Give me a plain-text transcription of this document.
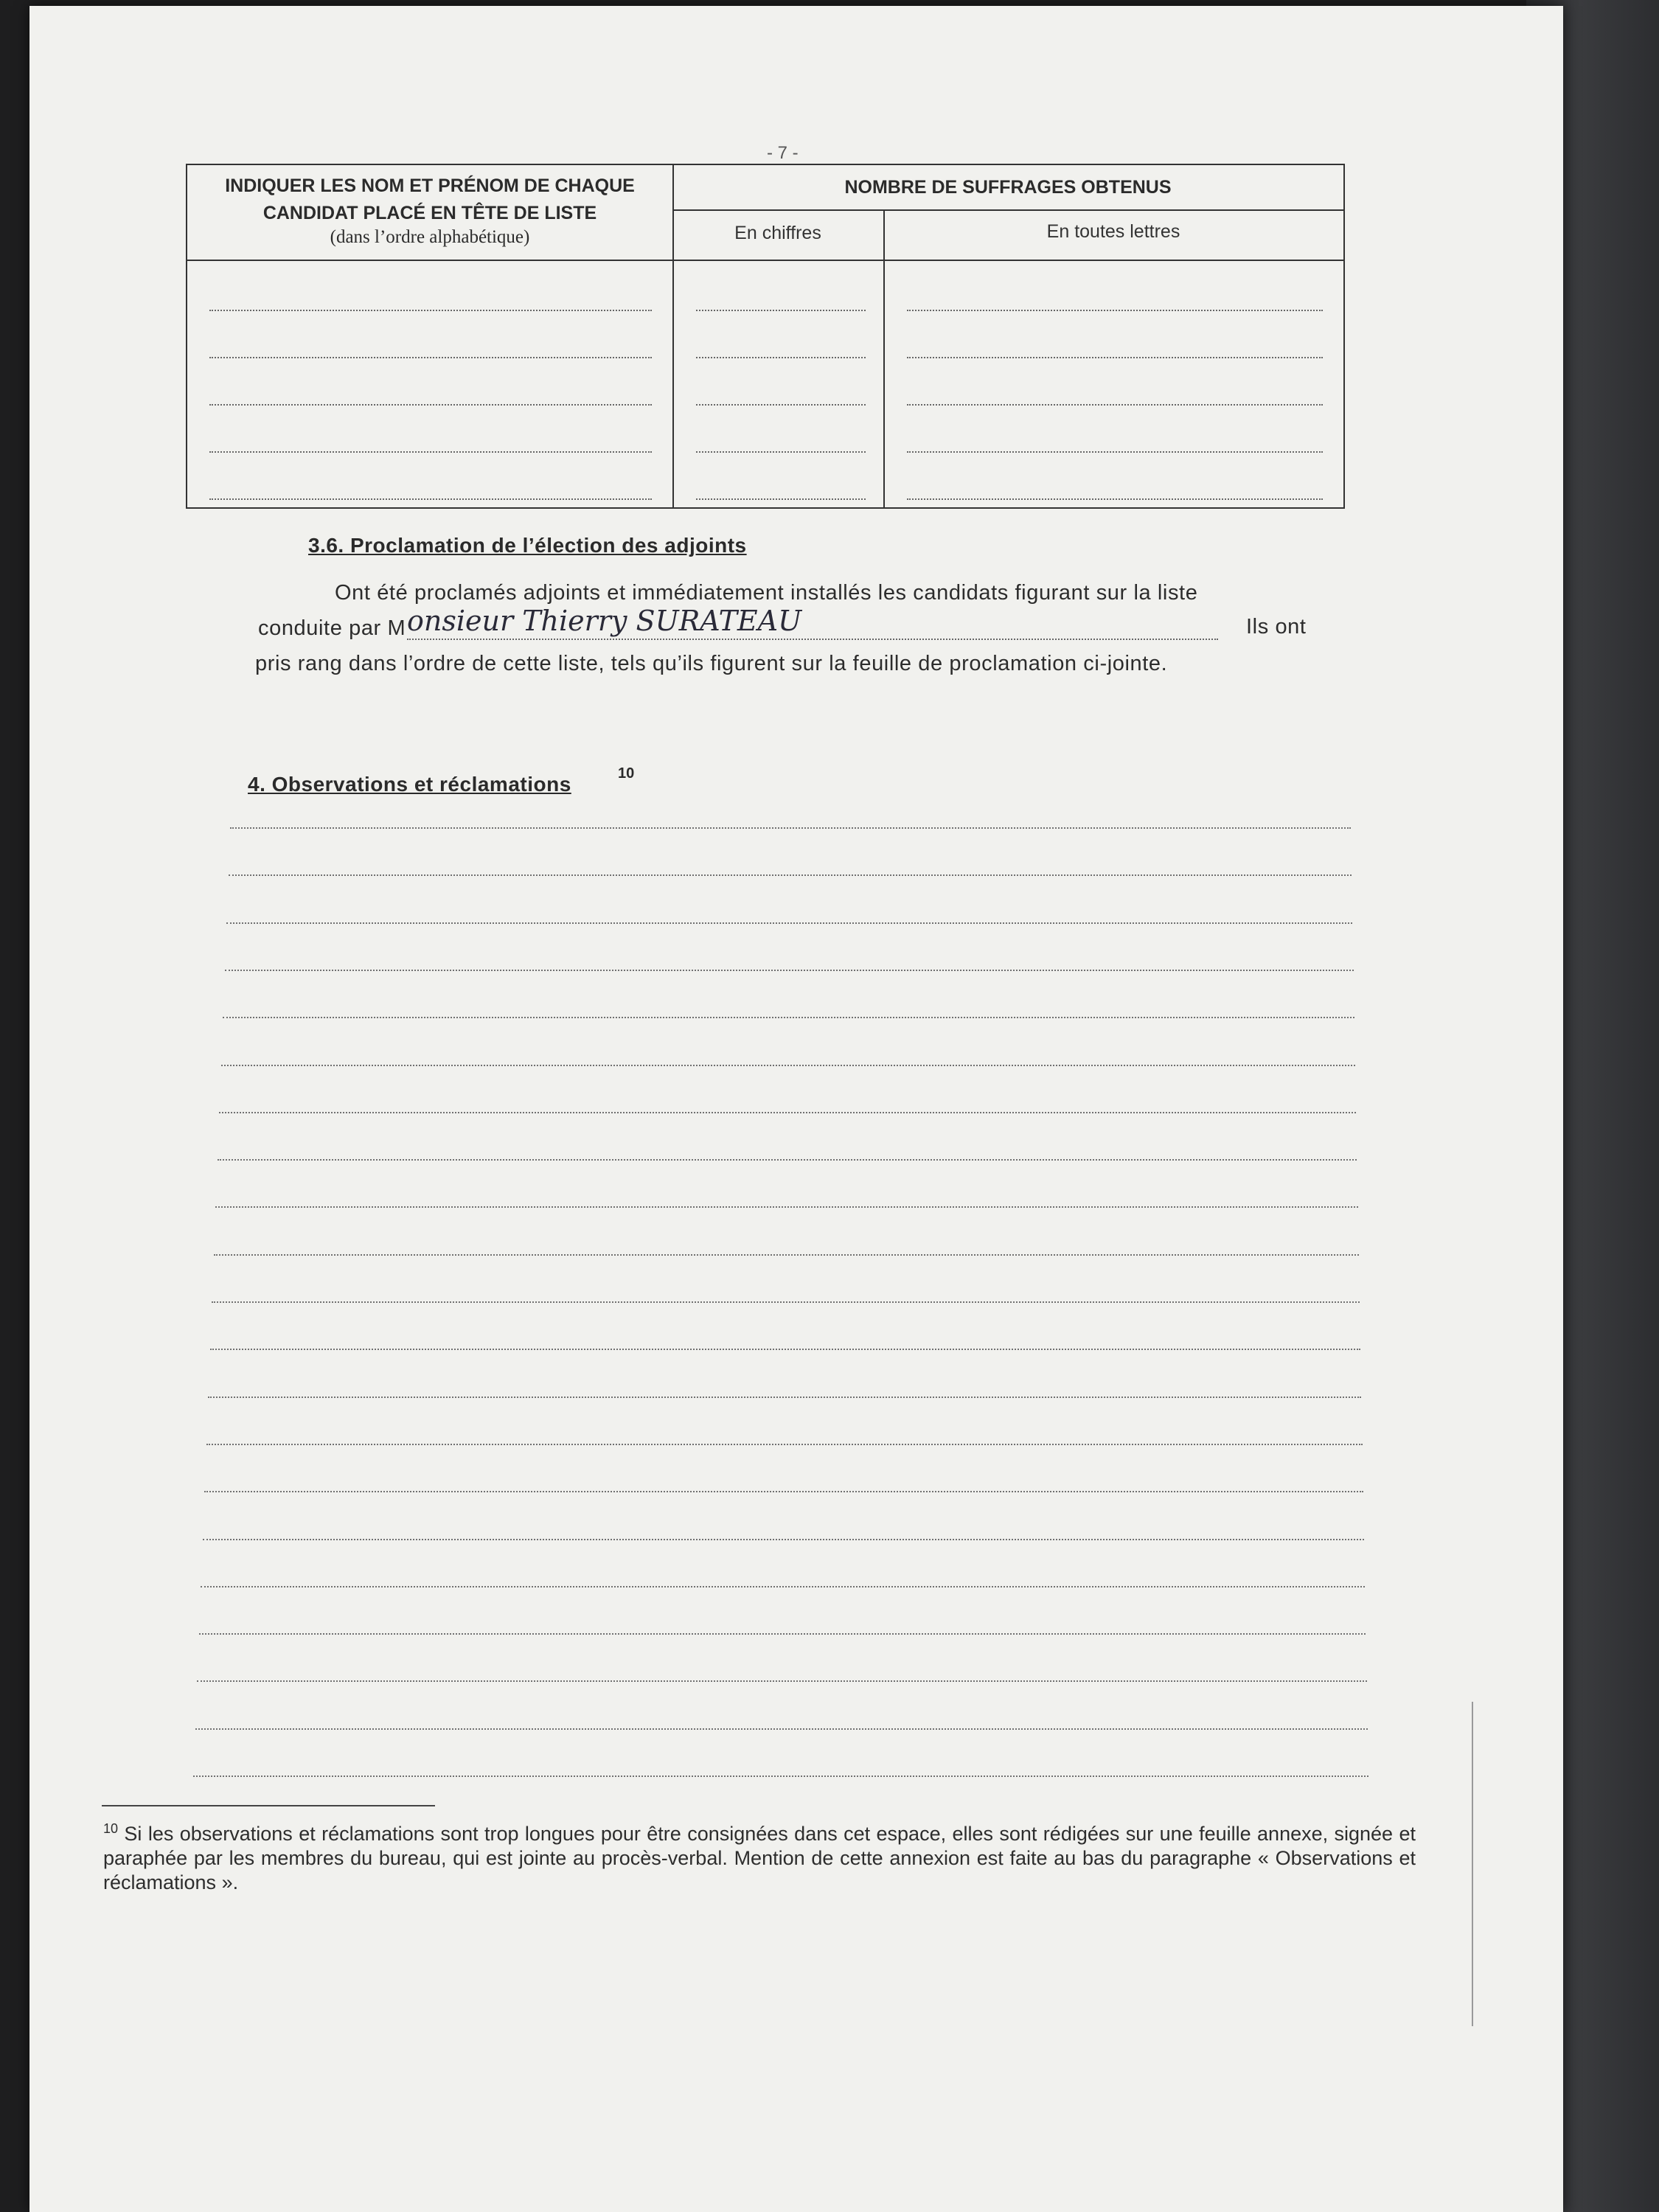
- 7 -
INDIQUER LES NOM ET PRÉNOM DE CHAQUE
CANDIDAT PLACÉ EN TÊTE DE LISTE
(dans l’ordre alphabétique)
NOMBRE DE SUFFRAGES OBTENUS
En chiffres	En toutes lettres
3.6. Proclamation de l’élection des adjoints
Ont été proclamés adjoints et immédiatement installés les candidats figurant sur la liste
conduite par M onsieur Thierry SURATEAU	Ils ont
pris rang dans l’ordre de cette liste, tels qu’ils figurent sur la feuille de proclamation ci-jointe.
4. Observations et réclamations	10
$^{10}$ Si les observations et réclamations sont trop longues pour être consignées dans cet espace, elles sont rédigées sur une feuille annexe, signée et paraphée par les membres du bureau, qui est jointe au procès-verbal. Mention de cette annexion est faite au bas du paragraphe « Observations et réclamations ».
